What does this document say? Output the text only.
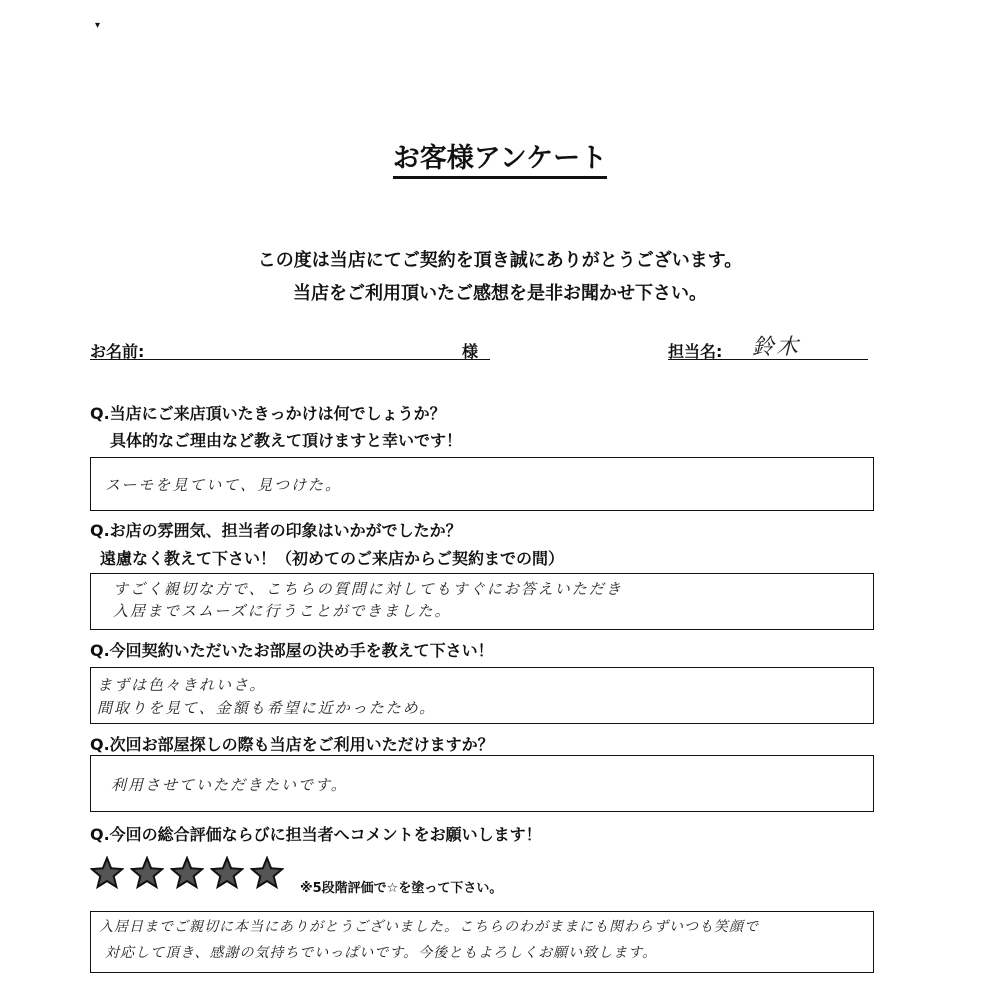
▾
お客様アンケート
この度は当店にてご契約を頂き誠にありがとうございます。
当店をご利用頂いたご感想を是非お聞かせ下さい。
お名前:	様	担当名: 鈴木
Q.当店にご来店頂いたきっかけは何でしょうか？
具体的なご理由など教えて頂けますと幸いです！
スーモを見ていて、見つけた。
Q.お店の雰囲気、担当者の印象はいかがでしたか？
遠慮なく教えて下さい！（初めてのご来店からご契約までの間）
すごく親切な方で、こちらの質問に対してもすぐにお答えいただき
入居までスムーズに行うことができました。
Q.今回契約いただいたお部屋の決め手を教えて下さい！
まずは色々きれいさ。
間取りを見て、金額も希望に近かったため。
Q.次回お部屋探しの際も当店をご利用いただけますか？
利用させていただきたいです。
Q.今回の総合評価ならびに担当者へコメントをお願いします！
※5段階評価で☆を塗って下さい。
入居日までご親切に本当にありがとうございました。こちらのわがままにも関わらずいつも笑顔で
対応して頂き、感謝の気持ちでいっぱいです。今後ともよろしくお願い致します。
